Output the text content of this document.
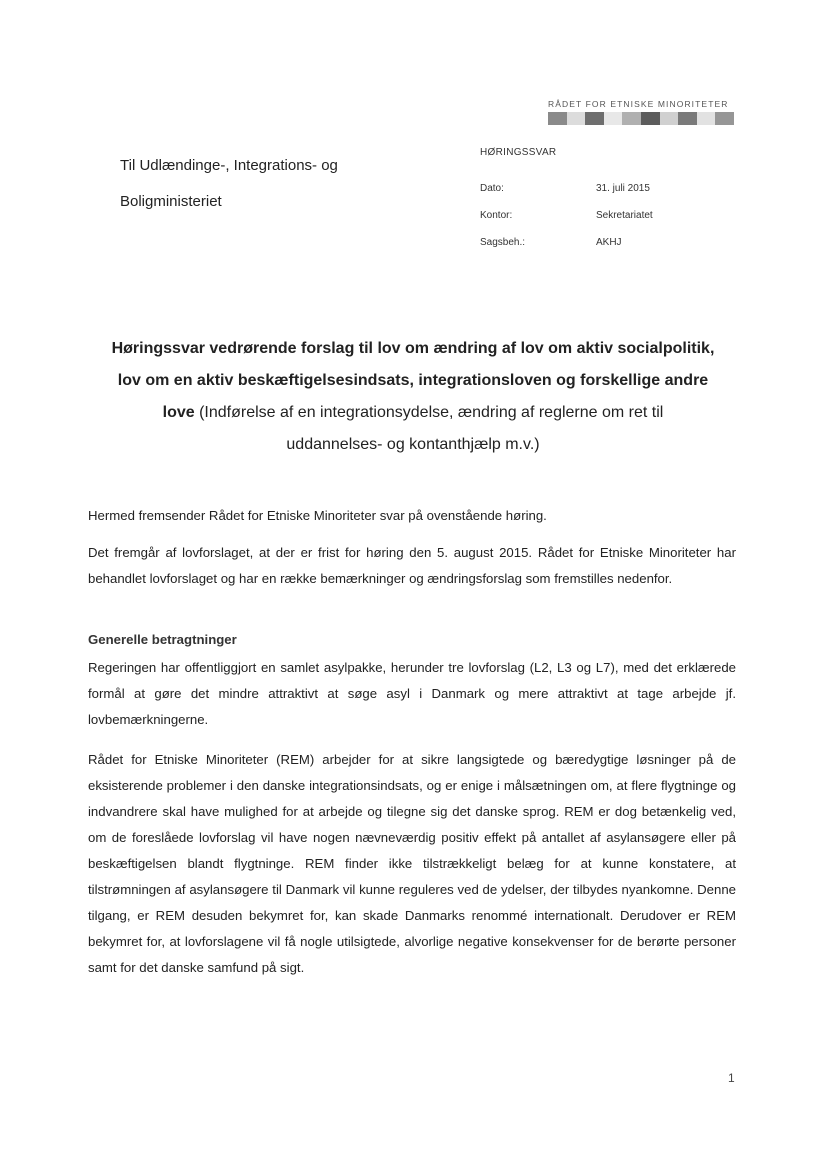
RÅDET FOR ETNISKE MINORITETER
Til Udlændinge-, Integrations- og
Boligministeriet
HØRINGSSVAR
Dato:	31. juli 2015
Kontor:	Sekretariatet
Sagsbeh.:	AKHJ
Høringssvar vedrørende forslag til lov om ændring af lov om aktiv socialpolitik,
lov om en aktiv beskæftigelsesindsats, integrationsloven og forskellige andre
love (Indførelse af en integrationsydelse, ændring af reglerne om ret til
uddannelses- og kontanthjælp m.v.)
Hermed fremsender Rådet for Etniske Minoriteter svar på ovenstående høring.
Det fremgår af lovforslaget, at der er frist for høring den 5. august 2015. Rådet for Etniske Minoriteter har behandlet lovforslaget og har en række bemærkninger og ændringsforslag som fremstilles nedenfor.
Generelle betragtninger
Regeringen har offentliggjort en samlet asylpakke, herunder tre lovforslag (L2, L3 og L7), med det erklærede formål at gøre det mindre attraktivt at søge asyl i Danmark og mere attraktivt at tage arbejde jf. lovbemærkningerne.
Rådet for Etniske Minoriteter (REM) arbejder for at sikre langsigtede og bæredygtige løsninger på de eksisterende problemer i den danske integrationsindsats, og er enige i målsætningen om, at flere flygtninge og indvandrere skal have mulighed for at arbejde og tilegne sig det danske sprog. REM er dog betænkelig ved, om de foreslåede lovforslag vil have nogen nævneværdig positiv effekt på antallet af asylansøgere eller på beskæftigelsen blandt flygtninge. REM finder ikke tilstrækkeligt belæg for at kunne konstatere, at tilstrømningen af asylansøgere til Danmark vil kunne reguleres ved de ydelser, der tilbydes nyankomne. Denne tilgang, er REM desuden bekymret for, kan skade Danmarks renommé internationalt. Derudover er REM bekymret for, at lovforslagene vil få nogle utilsigtede, alvorlige negative konsekvenser for de berørte personer samt for det danske samfund på sigt.
1
